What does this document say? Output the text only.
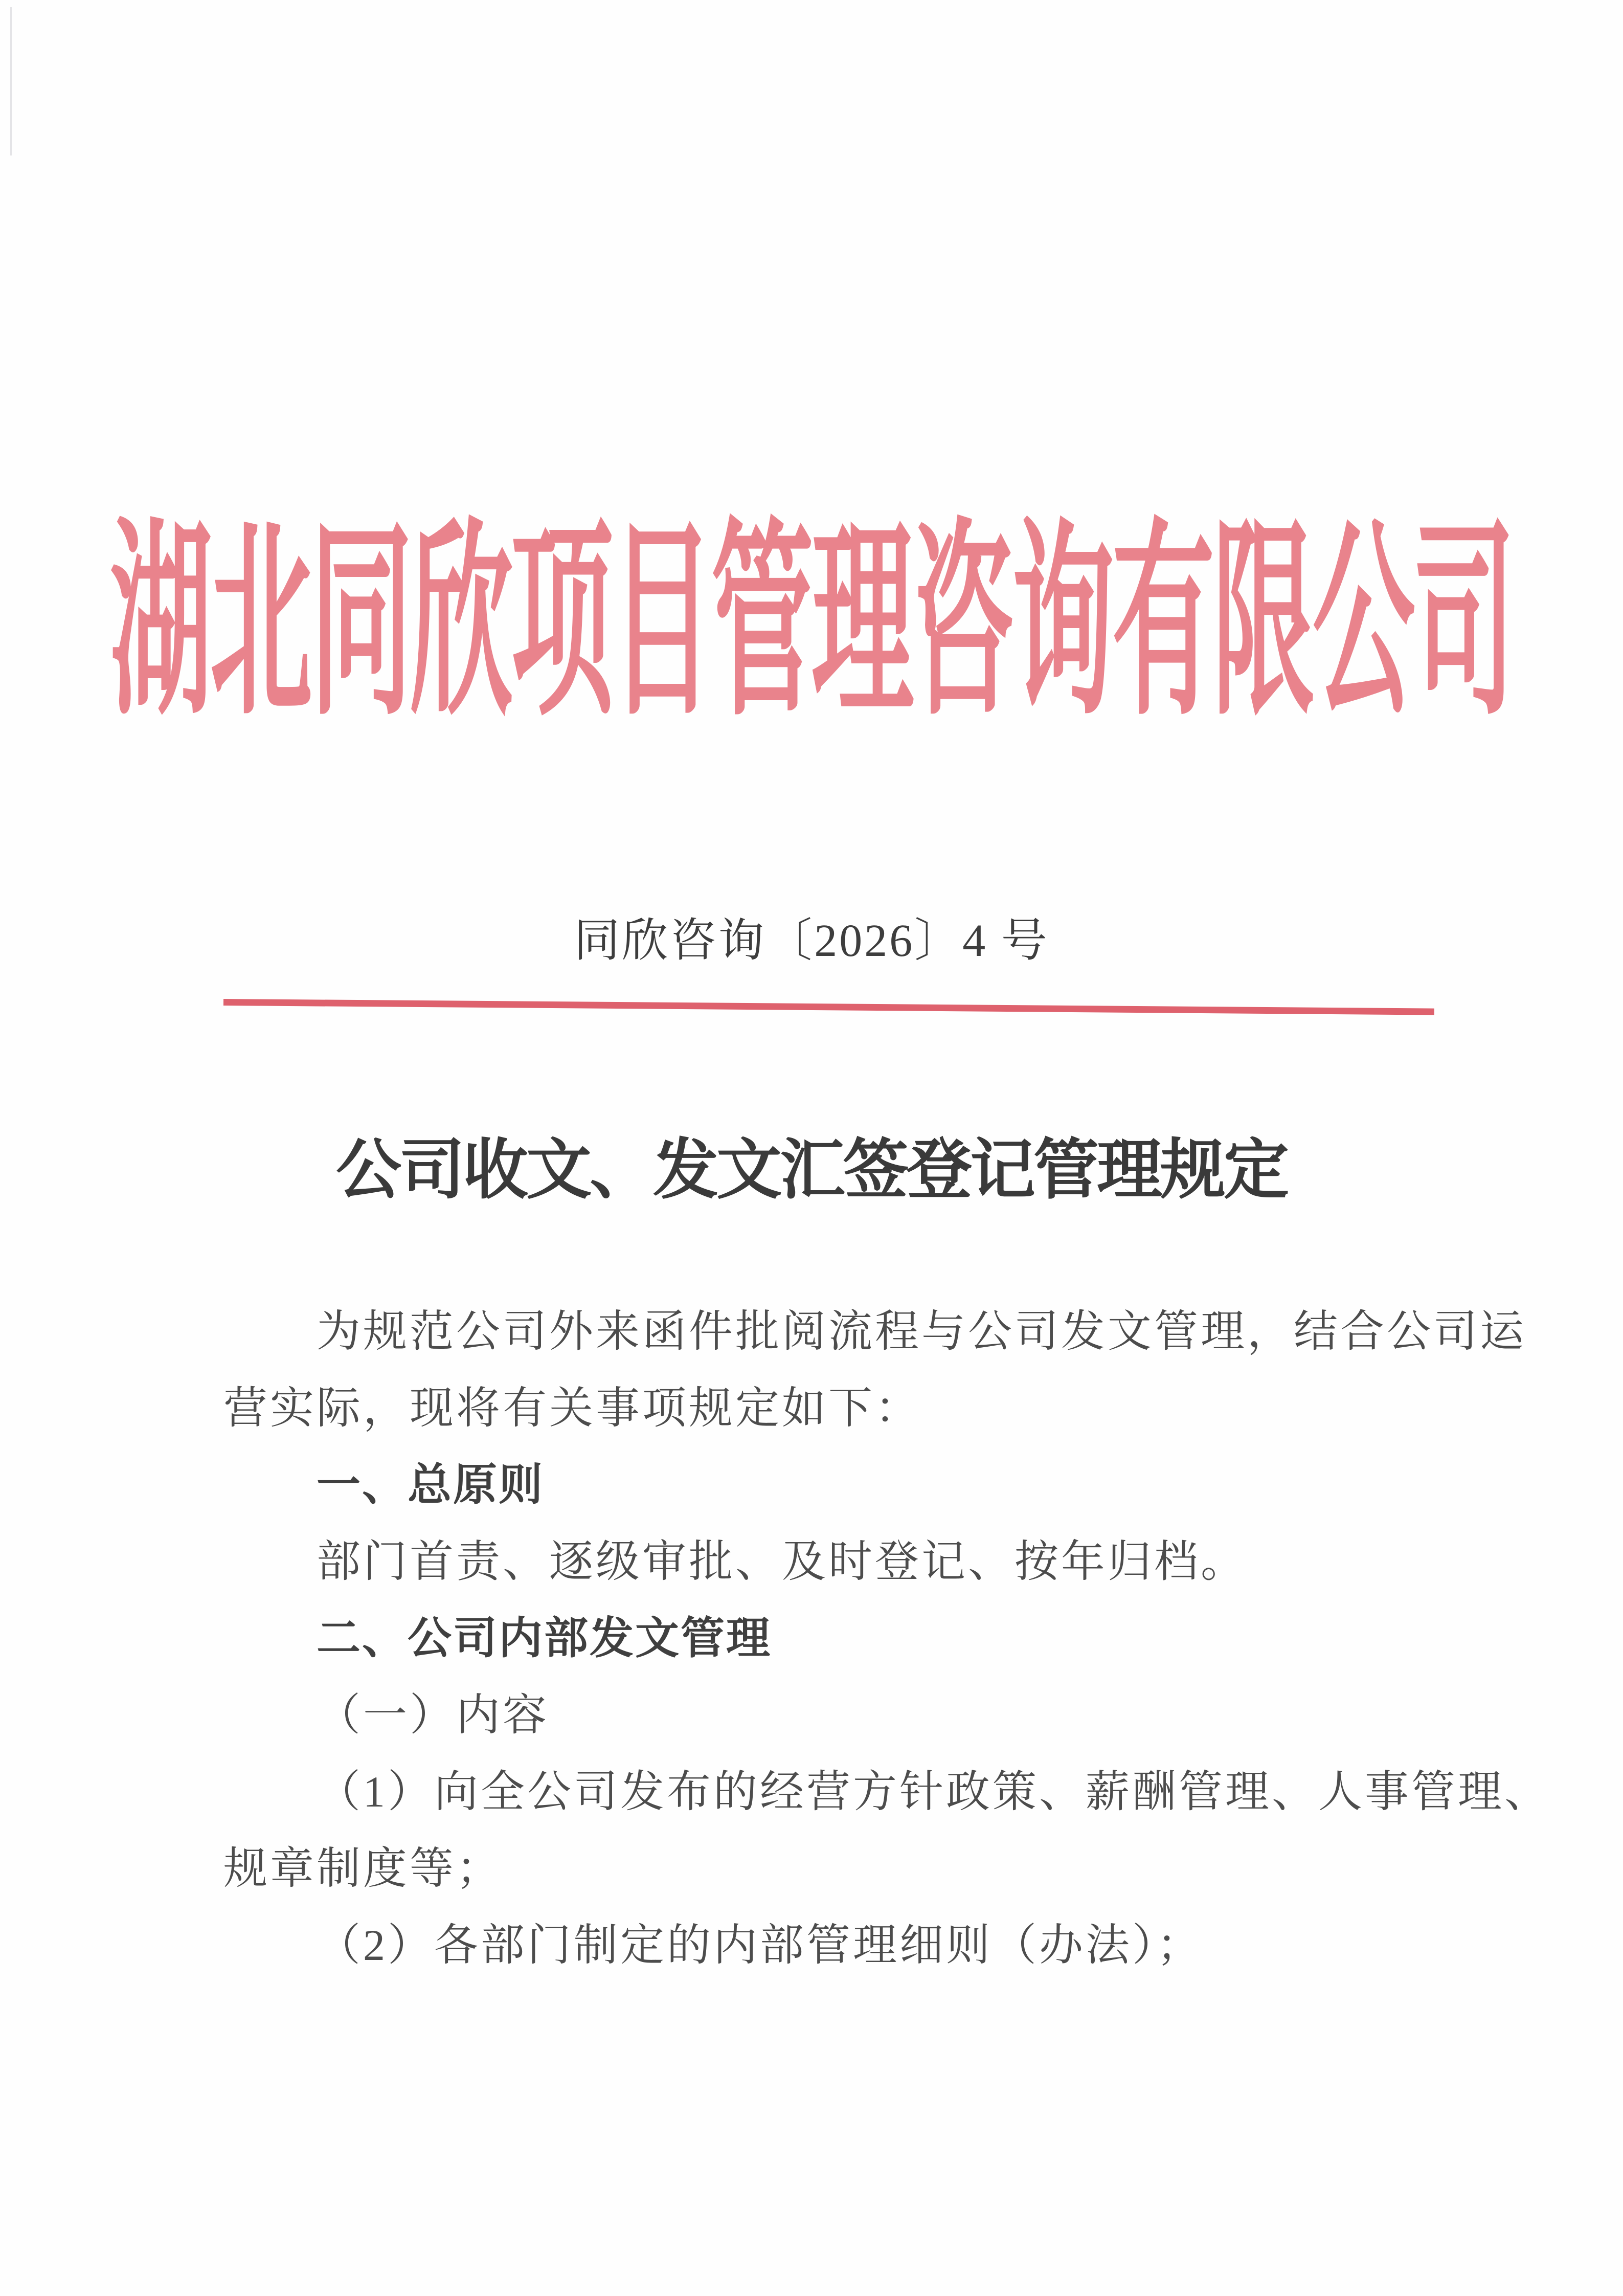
湖北同欣项目管理咨询有限公司
同欣咨询〔2026〕4 号
公司收文、发文汇签登记管理规定
为规范公司外来函件批阅流程与公司发文管理，结合公司运
营实际，现将有关事项规定如下：
一、总原则
部门首责、逐级审批、及时登记、按年归档。
二、公司内部发文管理
（一）内容
（1）向全公司发布的经营方针政策、薪酬管理、人事管理、
规章制度等；
（2）各部门制定的内部管理细则（办法）；
